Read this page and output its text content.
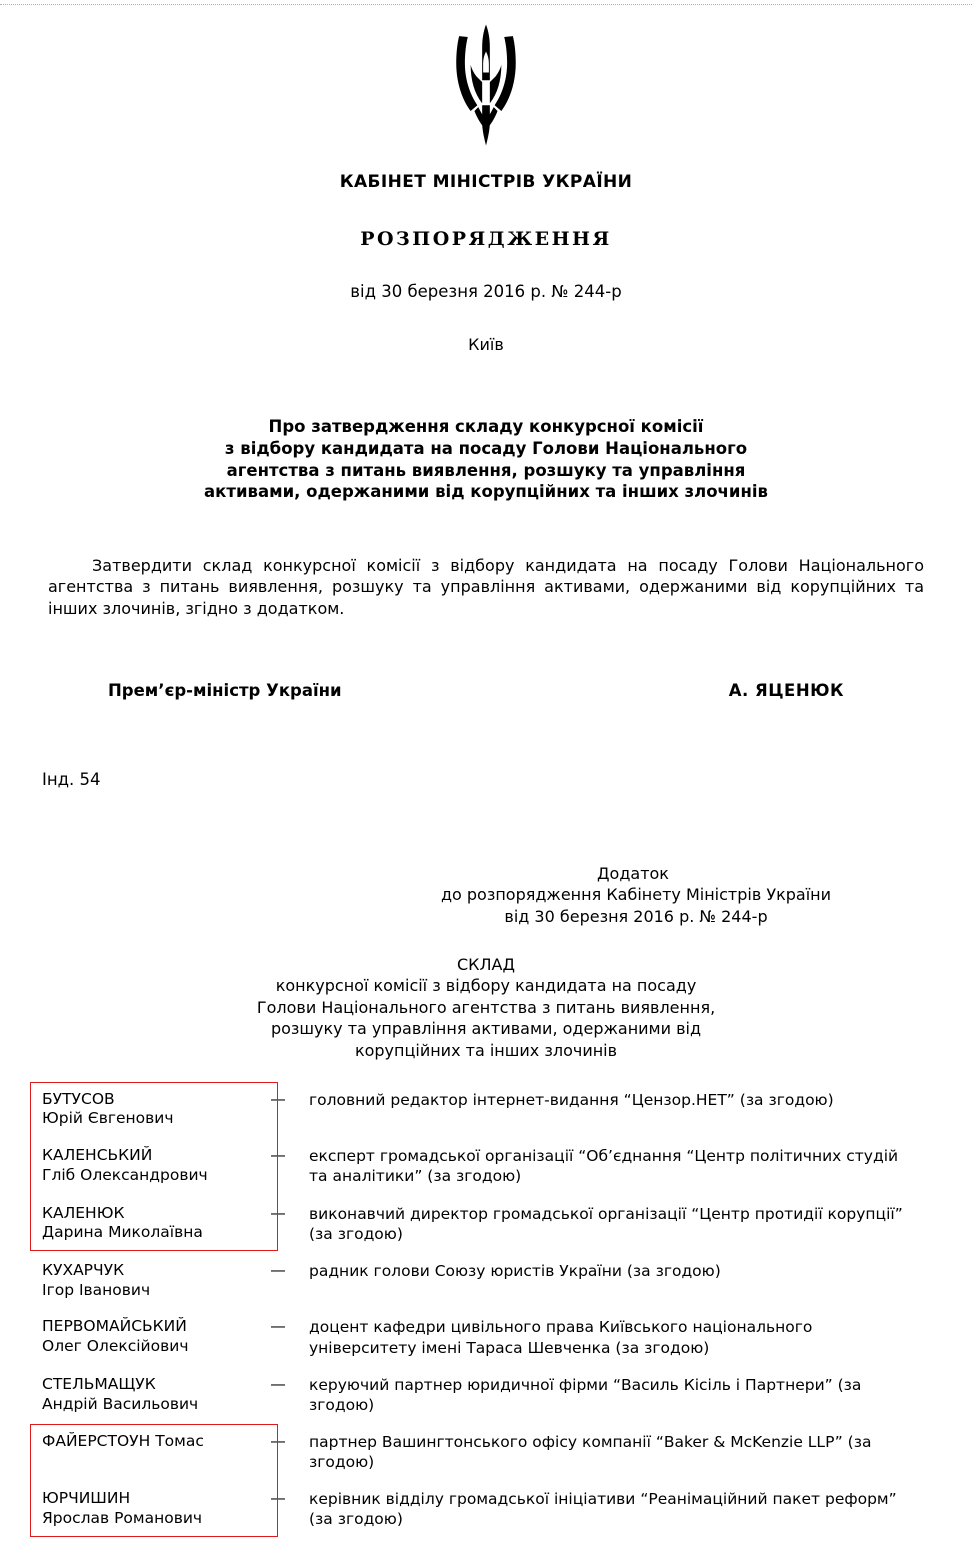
КАБІНЕТ МІНІСТРІВ УКРАЇНИ
РОЗПОРЯДЖЕННЯ
від 30 березня 2016 р. № 244-р
Київ
Про затвердження складу конкурсної комісії
з відбору кандидата на посаду Голови Національного
агентства з питань виявлення, розшуку та управління
активами, одержаними від корупційних та інших злочинів
Затвердити склад конкурсної комісії з відбору кандидата на посаду Голови Національного агентства з питань виявлення, розшуку та управління активами, одержаними від корупційних та інших злочинів, згідно з додатком.
Прем’єр-міністр України	А. ЯЦЕНЮК
Інд. 54
Додаток
до розпорядження Кабінету Міністрів України
від 30 березня 2016 р. № 244-р
СКЛАД
конкурсної комісії з відбору кандидата на посаду
Голови Національного агентства з питань виявлення,
розшуку та управління активами, одержаними від
корупційних та інших злочинів
БУТУСОВ
Юрій Євгенович
—	головний редактор інтернет-видання “Цензор.НЕТ” (за згодою)
КАЛЕНСЬКИЙ
Гліб Олександрович
—	експерт громадської організації “Об’єднання “Центр політичних студій та аналітики” (за згодою)
КАЛЕНЮК
Дарина Миколаївна
—	виконавчий директор громадської організації “Центр протидії корупції” (за згодою)
КУХАРЧУК
Ігор Іванович
—	радник голови Союзу юристів України (за згодою)
ПЕРВОМАЙСЬКИЙ
Олег Олексійович
—	доцент кафедри цивільного права Київського національного університету імені Тараса Шевченка (за згодою)
СТЕЛЬМАЩУК
Андрій Васильович
—	керуючий партнер юридичної фірми “Василь Кісіль і Партнери” (за згодою)
ФАЙЕРСТОУН Томас	—	партнер Вашингтонського офісу компанії “Baker & McKenzie LLP” (за згодою)
ЮРЧИШИН
Ярослав Романович
—	керівник відділу громадської ініціативи “Реанімаційний пакет реформ” (за згодою)
